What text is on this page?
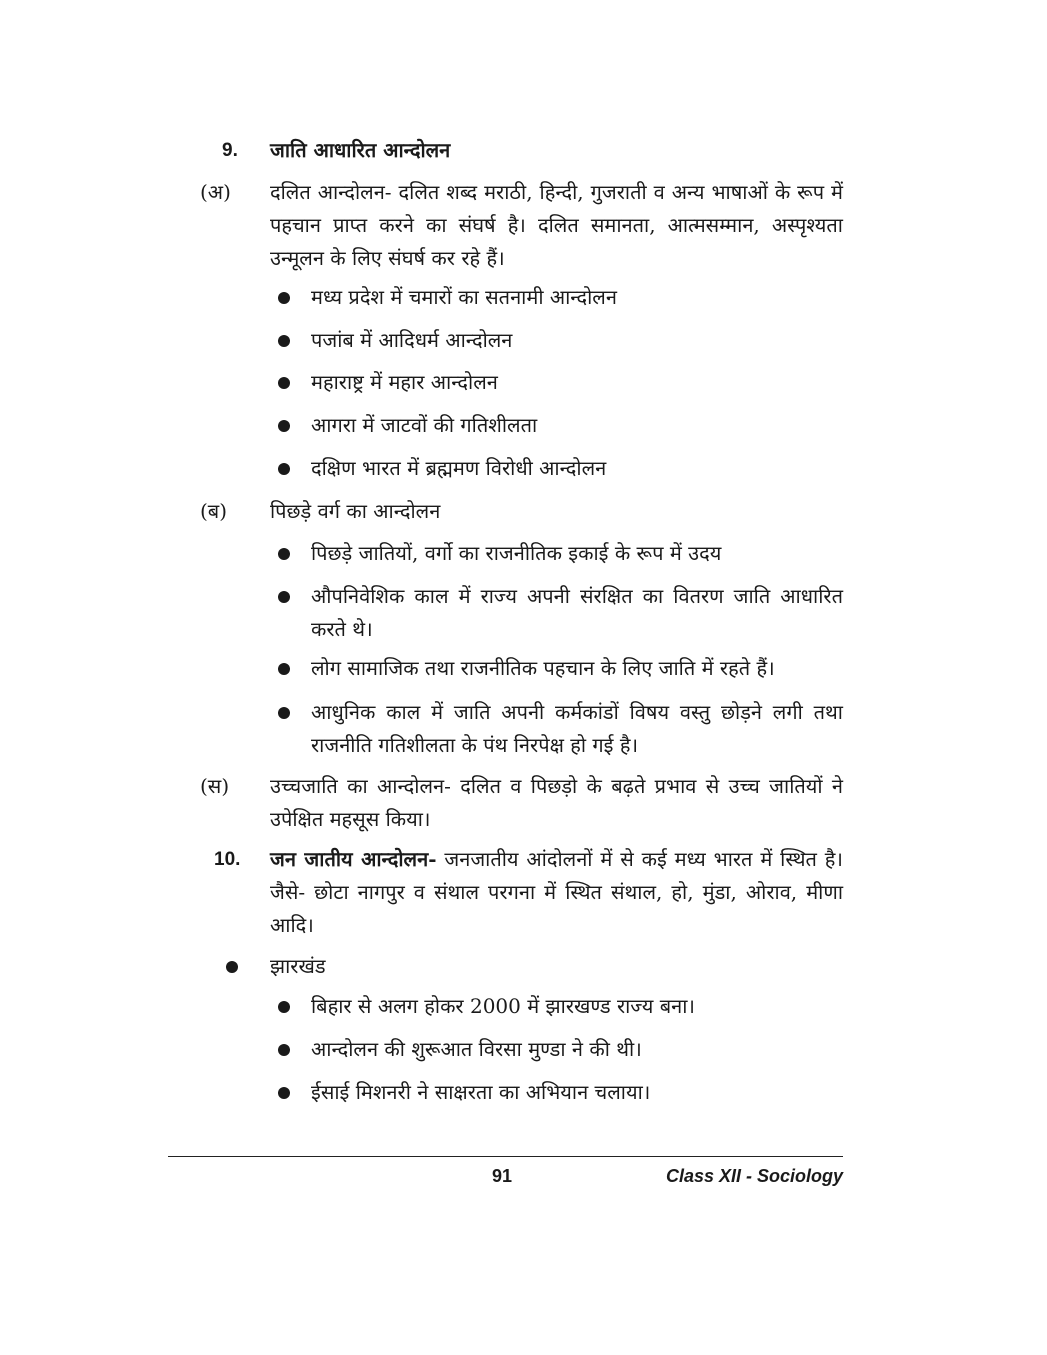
9. जाति आधारित आन्दोलन
(अ) दलित आन्दोलन- दलित शब्द मराठी, हिन्दी, गुजराती व अन्य भाषाओं के रूप में पहचान प्राप्त करने का संघर्ष है। दलित समानता, आत्मसम्मान, अस्पृश्यता उन्मूलन के लिए संघर्ष कर रहे हैं।
मध्य प्रदेश में चमारों का सतनामी आन्दोलन
पजांब में आदिधर्म आन्दोलन
महाराष्ट्र में महार आन्दोलन
आगरा में जाटवों की गतिशीलता
दक्षिण भारत में ब्रह्ममण विरोधी आन्दोलन
(ब) पिछड़े वर्ग का आन्दोलन
पिछड़े जातियों, वर्गो का राजनीतिक इकाई के रूप में उदय
औपनिवेशिक काल में राज्य अपनी संरक्षित का वितरण जाति आधारित करते थे।
लोग सामाजिक तथा राजनीतिक पहचान के लिए जाति में रहते हैं।
आधुनिक काल में जाति अपनी कर्मकांडों विषय वस्तु छोड़ने लगी तथा राजनीति गतिशीलता के पंथ निरपेक्ष हो गई है।
(स) उच्चजाति का आन्दोलन- दलित व पिछड़ो के बढ़ते प्रभाव से उच्च जातियों ने उपेक्षित महसूस किया।
10. जन जातीय आन्दोलन- जनजातीय आंदोलनों में से कई मध्य भारत में स्थित है। जैसे- छोटा नागपुर व संथाल परगना में स्थित संथाल, हो, मुंडा, ओराव, मीणा आदि।
झारखंड
बिहार से अलग होकर 2000 में झारखण्ड राज्य बना।
आन्दोलन की शुरूआत विरसा मुण्डा ने की थी।
ईसाई मिशनरी ने साक्षरता का अभियान चलाया।
91	Class XII - Sociology
